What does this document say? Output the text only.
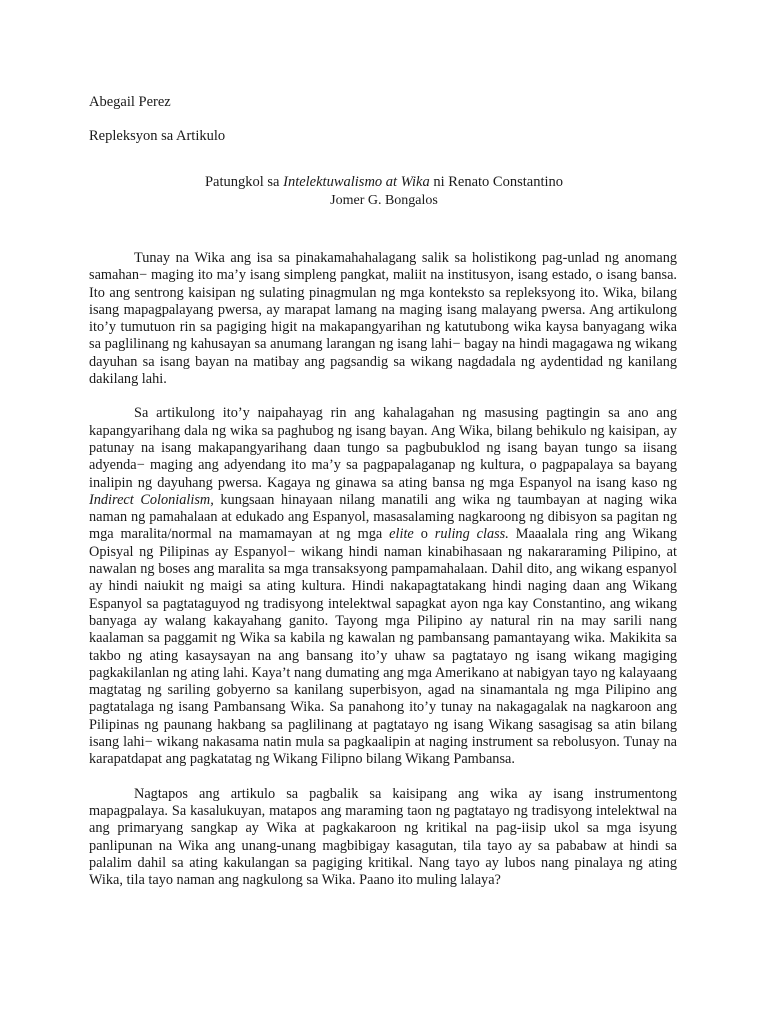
Abegail Perez

Repleksyon sa Artikulo

Patungkol sa Intelektuwalismo at Wika ni Renato Constantino

Jomer G. Bongalos

Tunay na Wika ang isa sa pinakamahahalagang salik sa holistikong pag-unlad ng anomang samahan− maging ito ma’y isang simpleng pangkat, maliit na institusyon, isang estado, o isang bansa. Ito ang sentrong kaisipan ng sulating pinagmulan ng mga konteksto sa repleksyong ito. Wika, bilang isang mapagpalayang pwersa, ay marapat lamang na maging isang malayang pwersa. Ang artikulong ito’y tumutuon rin sa pagiging higit na makapangyarihan ng katutubong wika kaysa banyagang wika sa paglilinang ng kahusayan sa anumang larangan ng isang lahi− bagay na hindi magagawa ng wikang dayuhan sa isang bayan na matibay ang pagsandig sa wikang nagdadala ng aydentidad ng kanilang dakilang lahi.

Sa artikulong ito’y naipahayag rin ang kahalagahan ng masusing pagtingin sa ano ang kapangyarihang dala ng wika sa paghubog ng isang bayan. Ang Wika, bilang behikulo ng kaisipan, ay patunay na isang makapangyarihang daan tungo sa pagbubuklod ng isang bayan tungo sa iisang adyenda− maging ang adyendang ito ma’y sa pagpapalaganap ng kultura, o pagpapalaya sa bayang inalipin ng dayuhang pwersa. Kagaya ng ginawa sa ating bansa ng mga Espanyol na isang kaso ng Indirect Colonialism, kungsaan hinayaan nilang manatili ang wika ng taumbayan at naging wika naman ng pamahalaan at edukado ang Espanyol, masasalaming nagkaroong ng dibisyon sa pagitan ng mga maralita/normal na mamamayan at ng mga elite o ruling class. Maaalala ring ang Wikang Opisyal ng Pilipinas ay Espanyol− wikang hindi naman kinabihasaan ng nakararaming Pilipino, at nawalan ng boses ang maralita sa mga transaksyong pampamahalaan. Dahil dito, ang wikang espanyol ay hindi naiukit ng maigi sa ating kultura. Hindi nakapagtatakang hindi naging daan ang Wikang Espanyol sa pagtataguyod ng tradisyong intelektwal sapagkat ayon nga kay Constantino, ang wikang banyaga ay walang kakayahang ganito. Tayong mga Pilipino ay natural rin na may sarili nang kaalaman sa paggamit ng Wika sa kabila ng kawalan ng pambansang pamantayang wika. Makikita sa takbo ng ating kasaysayan na ang bansang ito’y uhaw sa pagtatayo ng isang wikang magiging pagkakilanlan ng ating lahi. Kaya’t nang dumating ang mga Amerikano at nabigyan tayo ng kalayaang magtatag ng sariling gobyerno sa kanilang superbisyon, agad na sinamantala ng mga Pilipino ang pagtatalaga ng isang Pambansang Wika. Sa panahong ito’y tunay na nakagagalak na nagkaroon ang Pilipinas ng paunang hakbang sa paglilinang at pagtatayo ng isang Wikang sasagisag sa atin bilang isang lahi− wikang nakasama natin mula sa pagkaalipin at naging instrument sa rebolusyon. Tunay na karapatdapat ang pagkatatag ng Wikang Filipno bilang Wikang Pambansa.

Nagtapos ang artikulo sa pagbalik sa kaisipang ang wika ay isang instrumentong mapagpalaya. Sa kasalukuyan, matapos ang maraming taon ng pagtatayo ng tradisyong intelektwal na ang primaryang sangkap ay Wika at pagkakaroon ng kritikal na pag-iisip ukol sa mga isyung panlipunan na Wika ang unang-unang magbibigay kasagutan, tila tayo ay sa pababaw at hindi sa palalim dahil sa ating kakulangan sa pagiging kritikal. Nang tayo ay lubos nang pinalaya ng ating Wika, tila tayo naman ang nagkulong sa Wika. Paano ito muling lalaya?
